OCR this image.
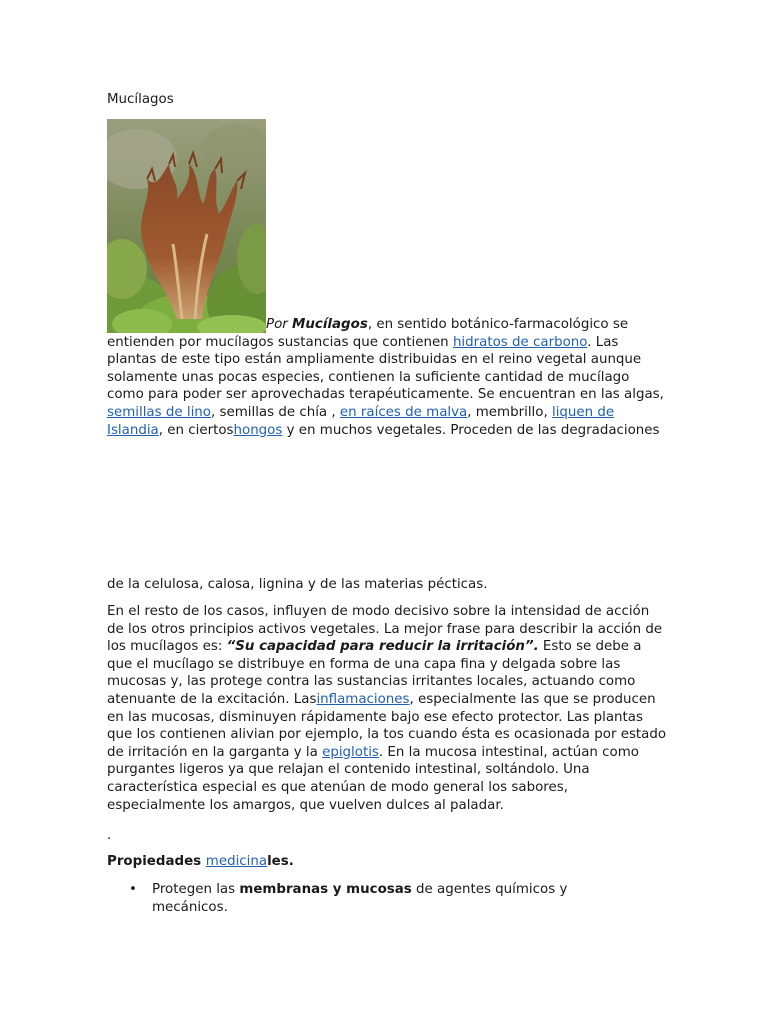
Mucílagos

Por Mucílagos, en sentido botánico-farmacológico se entienden por mucílagos sustancias que contienen hidratos de carbono. Las plantas de este tipo están ampliamente distribuidas en el reino vegetal aunque solamente unas pocas especies, contienen la suficiente cantidad de mucílago como para poder ser aprovechadas terapéuticamente. Se encuentran en las algas, semillas de lino, semillas de chía , en raíces de malva, membrillo, liquen de Islandia, en ciertoshongos y en muchos vegetales. Proceden de las degradaciones

de la celulosa, calosa, lignina y de las materias pécticas.

En el resto de los casos, influyen de modo decisivo sobre la intensidad de acción de los otros principios activos vegetales. La mejor frase para describir la acción de los mucílagos es: “Su capacidad para reducir la irritación”. Esto se debe a que el mucílago se distribuye en forma de una capa fina y delgada sobre las mucosas y, las protege contra las sustancias irritantes locales, actuando como atenuante de la excitación. Lasinflamaciones, especialmente las que se producen en las mucosas, disminuyen rápidamente bajo ese efecto protector. Las plantas que los contienen alivian por ejemplo, la tos cuando ésta es ocasionada por estado de irritación en la garganta y la epiglotis. En la mucosa intestinal, actúan como purgantes ligeros ya que relajan el contenido intestinal, soltándolo. Una característica especial es que atenúan de modo general los sabores, especialmente los amargos, que vuelven dulces al paladar.

.

Propiedades medicinales.
• Protegen las membranas y mucosas de agentes químicos y mecánicos.
